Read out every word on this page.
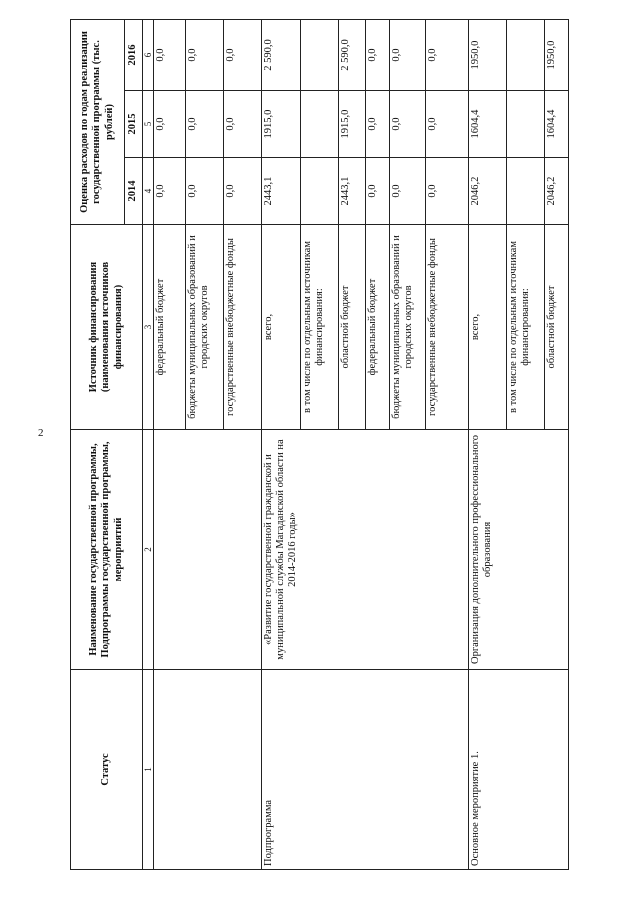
2
Статус	Наименование государственной программы, Подпрограммы государственной программы, мероприятий	Источник финансирования (наименования источников финансирования)	Оценка расходов по годам реализации государственной программы (тыс. рублей)		
			2014	2015	2016
1	2	3	4	5	6
		федеральный бюджет	0,0	0,0	0,0
		бюджеты муниципальных образований и городских округов	0,0	0,0	0,0
		государственные внебюджетные фонды	0,0	0,0	0,0
Подпрограмма	«Развитие государственной гражданской и муниципальной службы Магаданской области на 2014-2016 годы»	всего,	2443,1	1915,0	2 590,0
		в том числе по отдельным источникам финансирования:			
		областной бюджет	2443,1	1915,0	2 590,0
		федеральный бюджет	0,0	0,0	0,0
		бюджеты муниципальных образований и городских округов	0,0	0,0	0,0
		государственные внебюджетные фонды	0,0	0,0	0,0
Основное мероприятие 1.	Организация дополнительного профессионального образования	всего,	2046,2	1604,4	1950,0
		в том числе по отдельным источникам финансирования:			
		областной бюджет	2046,2	1604,4	1950,0
